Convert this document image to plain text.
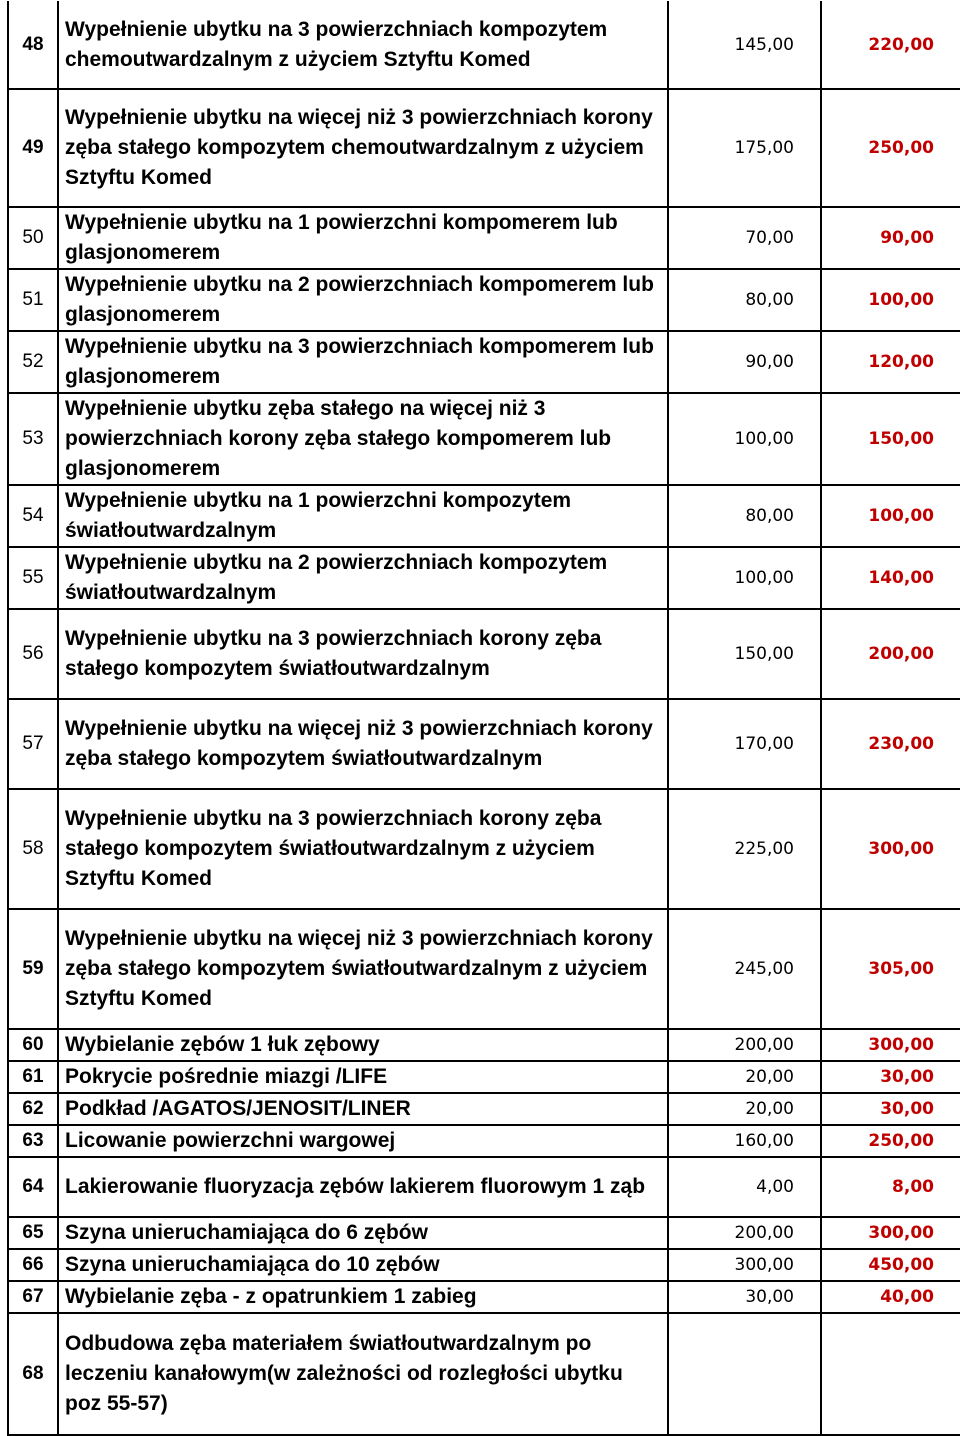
48	Wypełnienie ubytku na 3 powierzchniach kompozytem chemoutwardzalnym z użyciem Sztyftu Komed	145,00	220,00
49	Wypełnienie ubytku na więcej niż 3 powierzchniach korony zęba stałego kompozytem chemoutwardzalnym z użyciem Sztyftu Komed	175,00	250,00
50	Wypełnienie ubytku na 1 powierzchni kompomerem lub glasjonomerem	70,00	90,00
51	Wypełnienie ubytku na 2 powierzchniach kompomerem lub glasjonomerem	80,00	100,00
52	Wypełnienie ubytku na 3 powierzchniach kompomerem lub glasjonomerem	90,00	120,00
53	Wypełnienie ubytku zęba stałego na więcej niż 3 powierzchniach korony zęba stałego kompomerem lub glasjonomerem	100,00	150,00
54	Wypełnienie ubytku na 1 powierzchni kompozytem światłoutwardzalnym	80,00	100,00
55	Wypełnienie ubytku na 2 powierzchniach kompozytem światłoutwardzalnym	100,00	140,00
56	Wypełnienie ubytku na 3 powierzchniach korony zęba stałego kompozytem światłoutwardzalnym	150,00	200,00
57	Wypełnienie ubytku na więcej niż 3 powierzchniach korony zęba stałego kompozytem światłoutwardzalnym	170,00	230,00
58	Wypełnienie ubytku na 3 powierzchniach korony zęba stałego kompozytem światłoutwardzalnym z użyciem Sztyftu Komed	225,00	300,00
59	Wypełnienie ubytku na więcej niż 3 powierzchniach korony zęba stałego kompozytem światłoutwardzalnym z użyciem Sztyftu Komed	245,00	305,00
60	Wybielanie zębów 1 łuk zębowy	200,00	300,00
61	Pokrycie pośrednie miazgi /LIFE	20,00	30,00
62	Podkład /AGATOS/JENOSIT/LINER	20,00	30,00
63	Licowanie powierzchni wargowej	160,00	250,00
64	Lakierowanie fluoryzacja zębów lakierem fluorowym 1 ząb	4,00	8,00
65	Szyna unieruchamiająca do 6 zębów	200,00	300,00
66	Szyna unieruchamiająca do 10 zębów	300,00	450,00
67	Wybielanie zęba - z opatrunkiem 1 zabieg	30,00	40,00
68	Odbudowa zęba materiałem światłoutwardzalnym po leczeniu kanałowym(w zależności od rozległości ubytku poz 55-57)		
